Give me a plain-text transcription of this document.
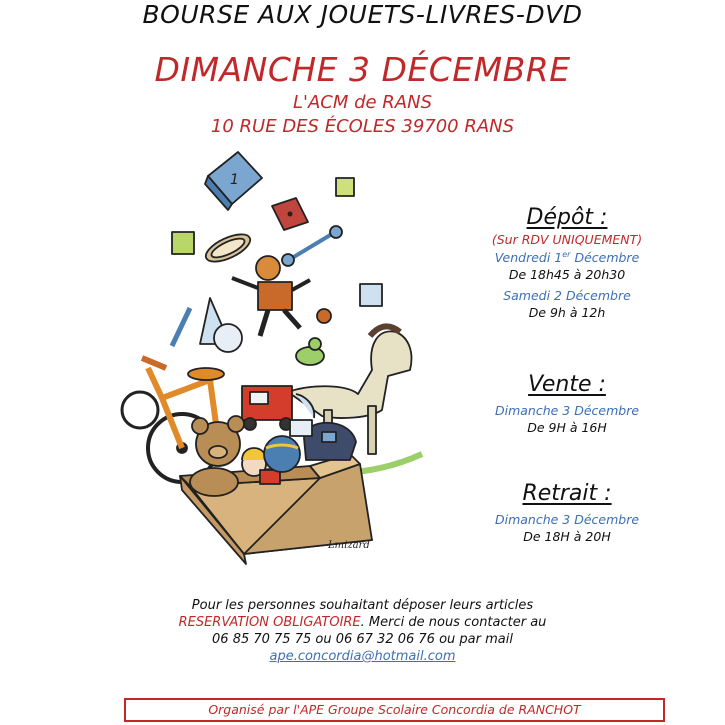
BOURSE AUX JOUETS-LIVRES-DVD
DIMANCHE 3 DÉCEMBRE
L'ACM de RANS
10 RUE DES ÉCOLES 39700 RANS
1
Lmizard
Dépôt :
(Sur RDV UNIQUEMENT)
Vendredi 1er Décembre
De 18h45 à 20h30
Samedi 2 Décembre
De 9h à 12h
Vente :
Dimanche 3 Décembre
De 9H à 16H
Retrait :
Dimanche 3 Décembre
De 18H à 20H
Pour les personnes souhaitant déposer leurs articles
RESERVATION OBLIGATOIRE. Merci de nous contacter au
06 85 70 75 75 ou 06 67 32 06 76 ou par mail
ape.concordia@hotmail.com
Organisé par l'APE Groupe Scolaire Concordia de RANCHOT
